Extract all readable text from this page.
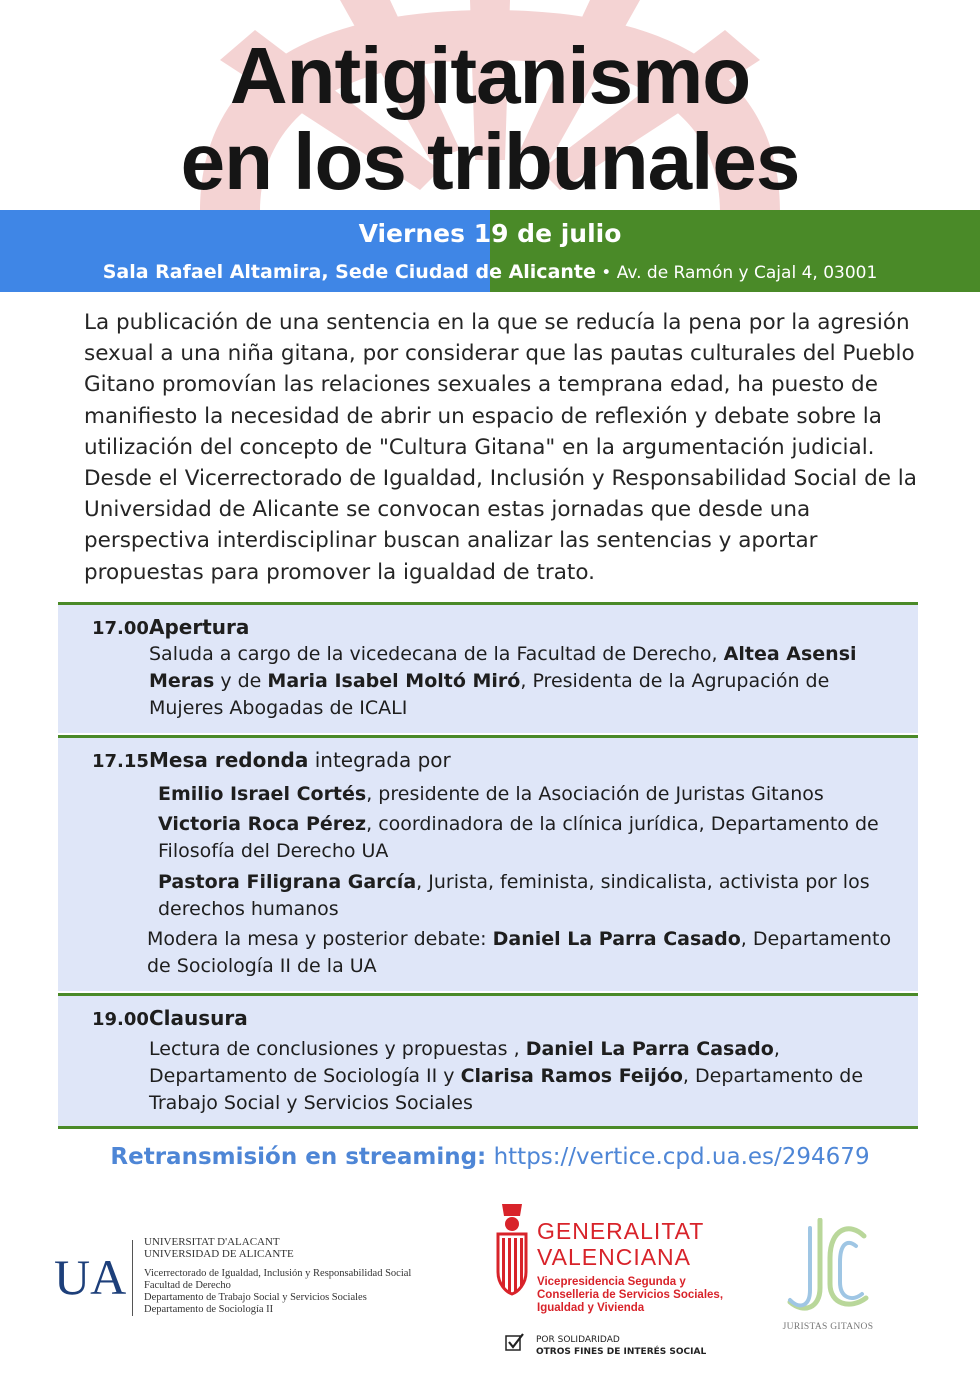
Antigitanismo
en los tribunales
Viernes 19 de julio
Sala Rafael Altamira, Sede Ciudad de Alicante • Av. de Ramón y Cajal 4, 03001

La publicación de una sentencia en la que se reducía la pena por la agresión sexual a una niña gitana, por considerar que las pautas culturales del Pueblo Gitano promovían las relaciones sexuales a temprana edad, ha puesto de manifiesto la necesidad de abrir un espacio de reflexión y debate sobre la utilización del concepto de "Cultura Gitana" en la argumentación judicial. Desde el Vicerrectorado de Igualdad, Inclusión y Responsabilidad Social de la Universidad de Alicante se convocan estas jornadas que desde una perspectiva interdisciplinar buscan analizar las sentencias y aportar propuestas para promover la igualdad de trato.

17.00 Apertura

Saluda a cargo de la vicedecana de la Facultad de Derecho, Altea Asensi Meras y de Maria Isabel Moltó Miró, Presidenta de la Agrupación de Mujeres Abogadas de ICALI

17.15 Mesa redonda integrada por
Emilio Israel Cortés, presidente de la Asociación de Juristas Gitanos
Victoria Roca Pérez, coordinadora de la clínica jurídica, Departamento de Filosofía del Derecho UA
Pastora Filigrana García, Jurista, feminista, sindicalista, activista por los derechos humanos
Modera la mesa y posterior debate: Daniel La Parra Casado, Departamento de Sociología II de la UA
19.00 Clausura

Lectura de conclusiones y propuestas , Daniel La Parra Casado, Departamento de Sociología II y Clarisa Ramos Feijóo, Departamento de Trabajo Social y Servicios Sociales

Retransmisión en streaming: https://vertice.cpd.ua.es/294679
UA
UNIVERSITAT D'ALACANT
UNIVERSIDAD DE ALICANTE
Vicerrectorado de Igualdad, Inclusión y Responsabilidad Social
Facultad de Derecho
Departamento de Trabajo Social y Servicios Sociales
Departamento de Sociología II
GENERALITAT
VALENCIANA
Vicepresidencia Segunda y
Conselleria de Servicios Sociales,
Igualdad y Vivienda
POR SOLIDARIDAD
OTROS FINES DE INTERÉS SOCIAL
JURISTAS GITANOS
